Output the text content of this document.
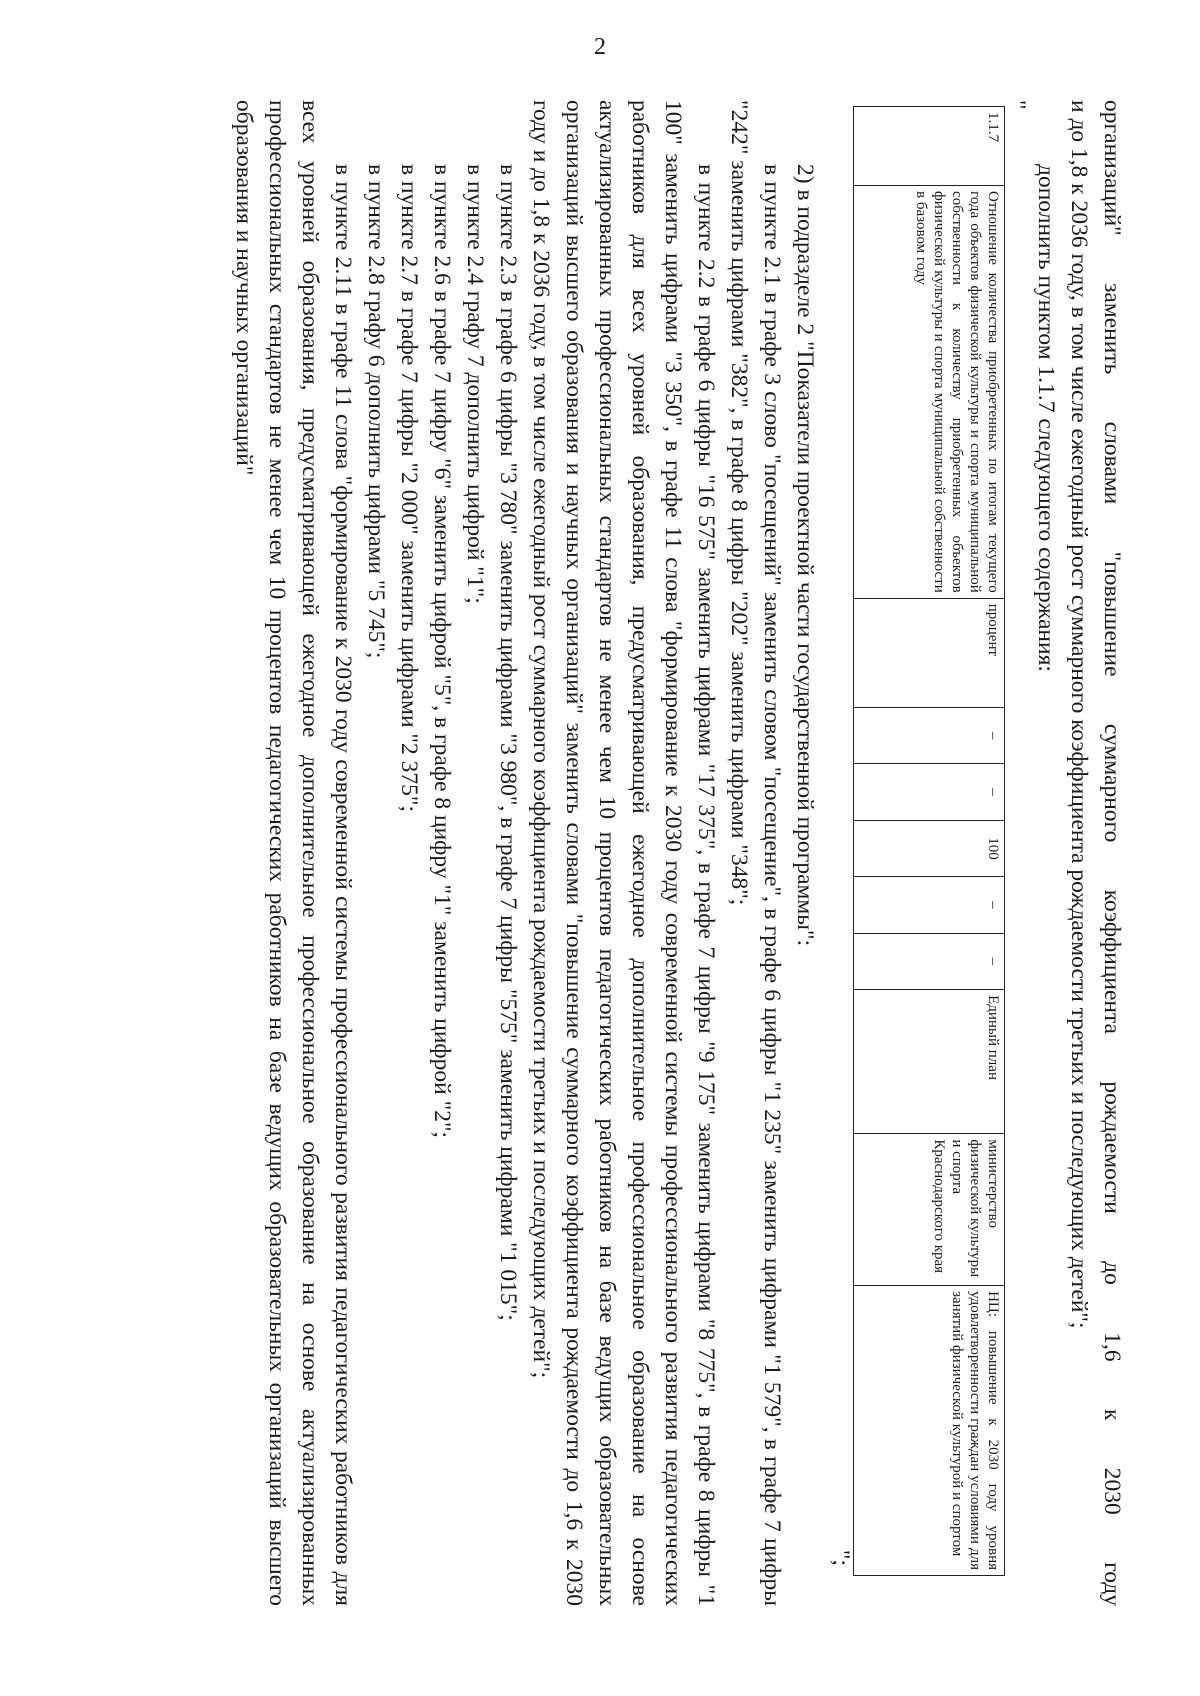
2

организаций" заменить словами "повышение суммарного коэффициента рождаемости до 1,6 к 2030 году

и до 1,8 к 2036 году, в том числе ежегодный рост суммарного коэффициента рождаемости третьих и последующих детей";

дополнить пунктом 1.1.7 следующего содержания:

"
1.1.7	Отношение количества приобретенных по итогам текущего года объектов физической культуры и спорта муниципальной собственности к количеству приобретенных объектов физической культуры и спорта муниципальной собственности в базовом году	процент	–	–	100	–	–	Единый план	министерство физической культуры и спорта Краснодарского края	НЦ: повышение к 2030 году уровня удовлетворенности граждан условиями для занятий физической культурой и спортом
";

2) в подразделе 2 "Показатели проектной части государственной программы":

в пункте 2.1 в графе 3 слово "посещений" заменить словом "посещение", в графе 6 цифры "1 235" заменить цифрами "1 579", в графе 7 цифры "242" заменить цифрами "382", в графе 8 цифры "202" заменить цифрами "348";

в пункте 2.2 в графе 6 цифры "16 575" заменить цифрами "17 375", в графе 7 цифры "9 175" заменить цифрами "8 775", в графе 8 цифры "1 100" заменить цифрами "3 350", в графе 11 слова "формирование к 2030 году современной системы профессионального развития педагогических работников для всех уровней образования, предусматривающей ежегодное дополнительное профессиональное образование на основе актуализированных профессиональных стандартов не менее чем 10 процентов педагогических работников на базе ведущих образовательных организаций высшего образования и научных организаций" заменить словами "повышение суммарного коэффициента рождаемости до 1,6 к 2030 году и до 1,8 к 2036 году, в том числе ежегодный рост суммарного коэффициента рождаемости третьих и последующих детей";

в пункте 2.3 в графе 6 цифры "3 780" заменить цифрами "3 980", в графе 7 цифры "575" заменить цифрами "1 015";

в пункте 2.4 графу 7 дополнить цифрой "1";

в пункте 2.6 в графе 7 цифру "6" заменить цифрой "5", в графе 8 цифру "1" заменить цифрой "2";

в пункте 2.7 в графе 7 цифры "2 000" заменить цифрами "2 375";

в пункте 2.8 графу 6 дополнить цифрами "5 745";

в пункте 2.11 в графе 11 слова "формирование к 2030 году современной системы профессионального развития педагогических работников для всех уровней образования, предусматривающей ежегодное дополнительное профессиональное образование на основе актуализированных профессиональных стандартов не менее чем 10 процентов педагогических работников на базе ведущих образовательных организаций высшего образования и научных организаций"
